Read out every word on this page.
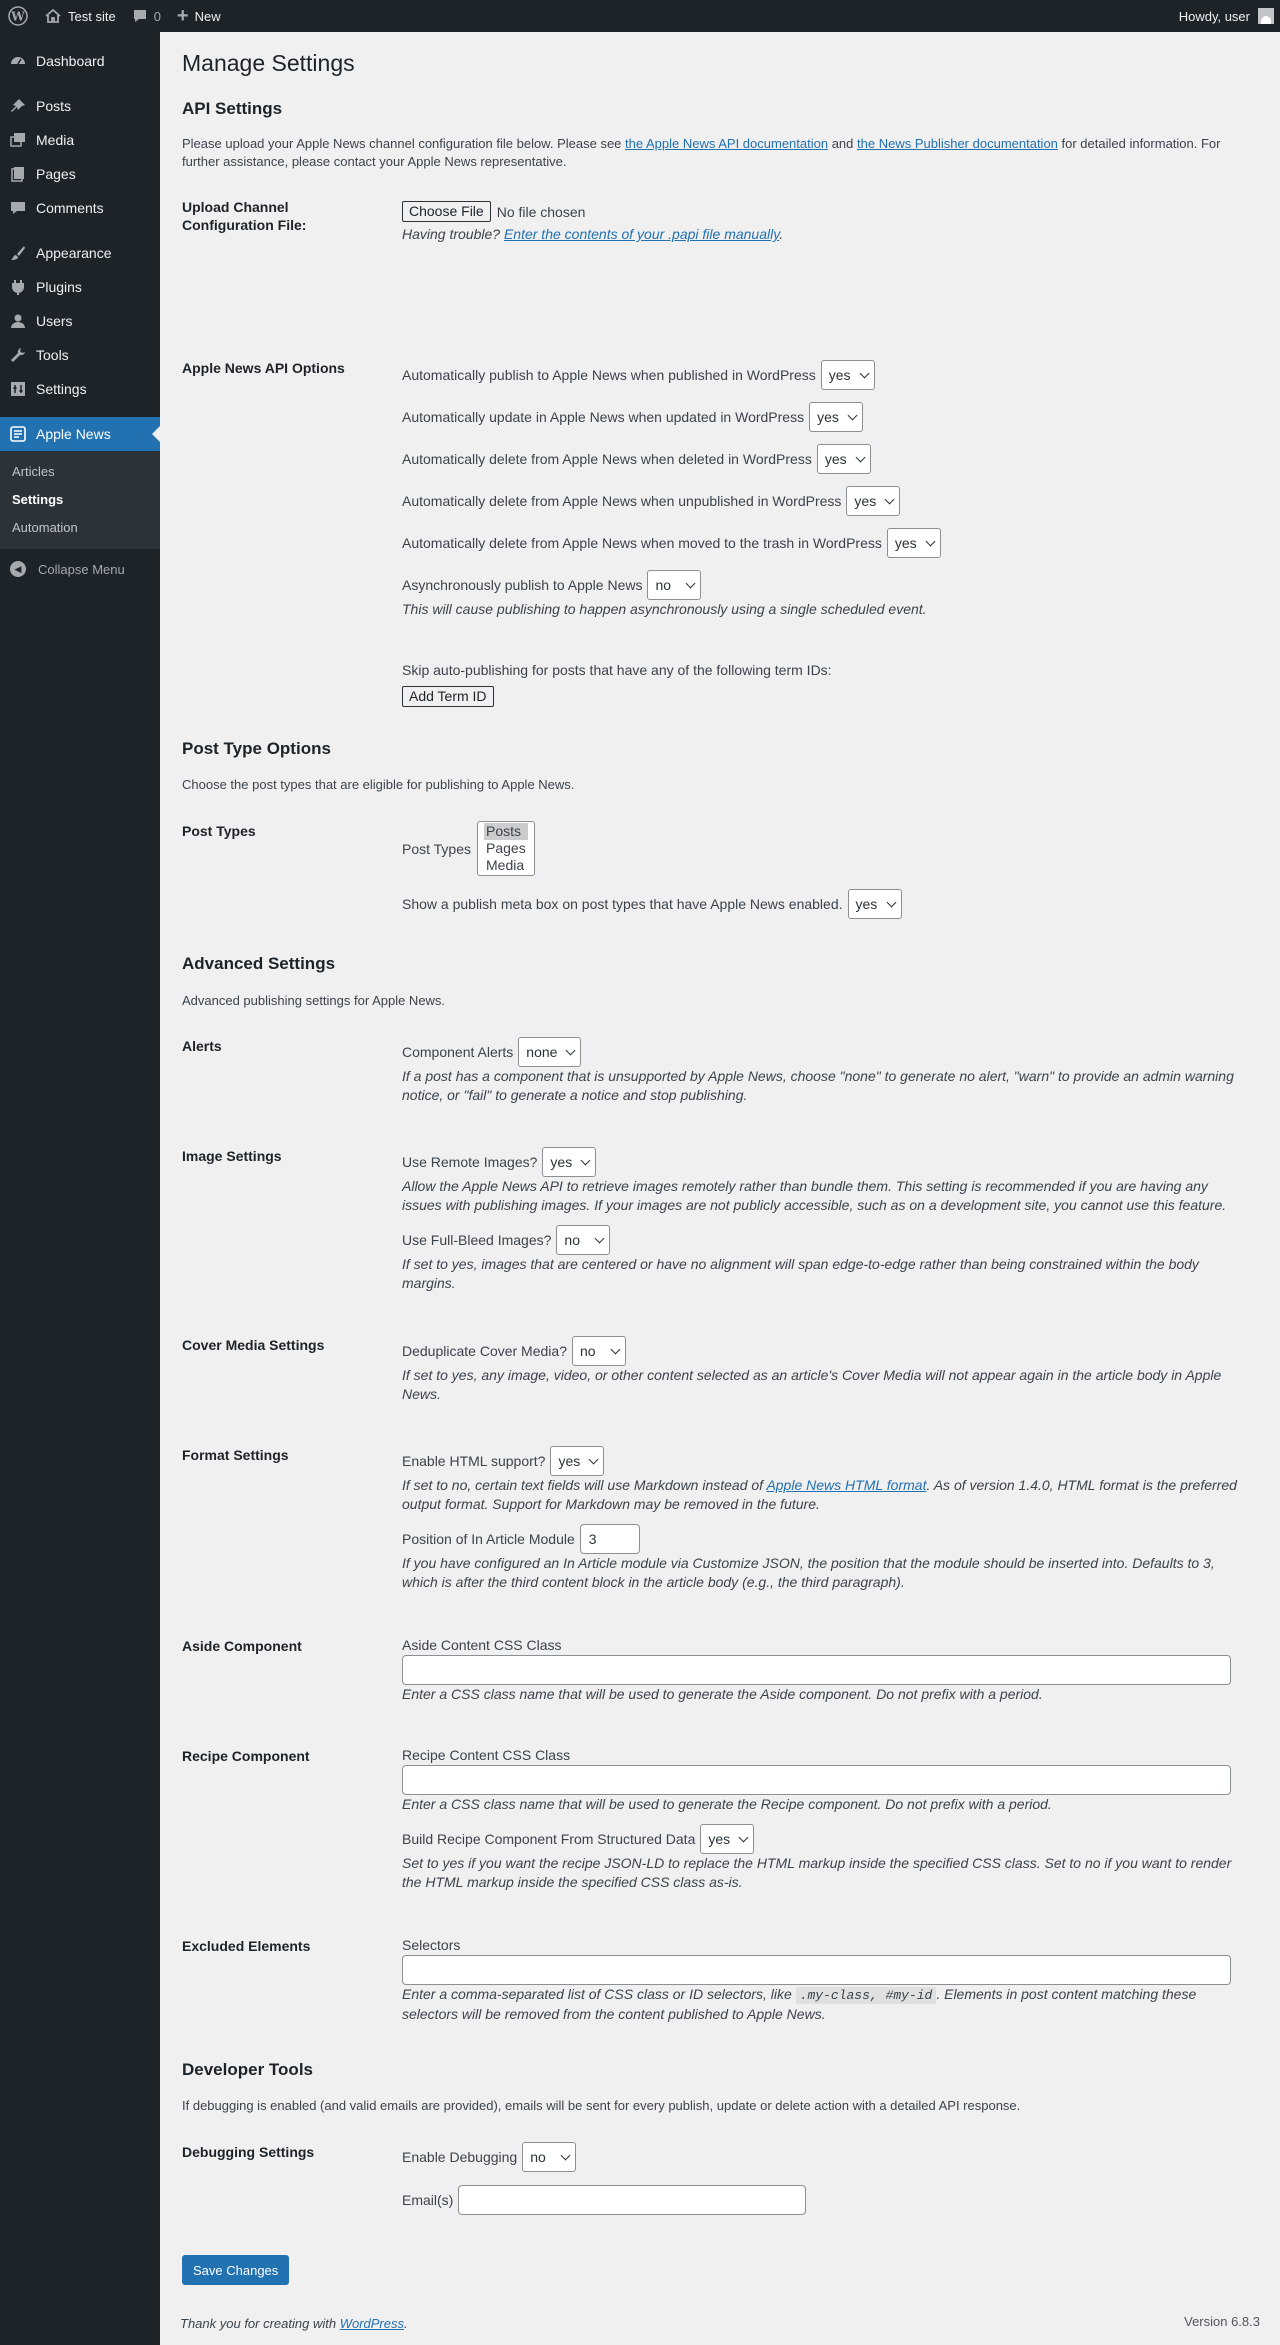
W	Test site	0 + New	Howdy, user
Dashboard
Posts
Media
Pages
Comments
Appearance
Plugins
Users
Tools
Settings
Apple News
Articles
Settings
Automation
◀	Collapse Menu
Manage Settings
API Settings

Please upload your Apple News channel configuration file below. Please see the Apple News API documentation and the News Publisher documentation for detailed information. For further assistance, please contact your Apple News representative.

Upload Channel Configuration File:
Choose File No file chosen
Having trouble? Enter the contents of your .papi file manually.
Apple News API Options	Automatically publish to Apple News when published in WordPress yes
Automatically update in Apple News when updated in WordPress yes
Automatically delete from Apple News when deleted in WordPress yes
Automatically delete from Apple News when unpublished in WordPress yes
Automatically delete from Apple News when moved to the trash in WordPress yes
Asynchronously publish to Apple News no
This will cause publishing to happen asynchronously using a single scheduled event.
Skip auto-publishing for posts that have any of the following term IDs:
Add Term ID
Post Type Options

Choose the post types that are eligible for publishing to Apple News.

Post Types
Post Types
Posts
Pages
Media
Show a publish meta box on post types that have Apple News enabled. yes
Advanced Settings

Advanced publishing settings for Apple News.

Alerts	Component Alerts none
If a post has a component that is unsupported by Apple News, choose "none" to generate no alert, "warn" to provide an admin warning notice, or "fail" to generate a notice and stop publishing.
Image Settings	Use Remote Images? yes
Allow the Apple News API to retrieve images remotely rather than bundle them. This setting is recommended if you are having any issues with publishing images. If your images are not publicly accessible, such as on a development site, you cannot use this feature.
Use Full-Bleed Images? no
If set to yes, images that are centered or have no alignment will span edge-to-edge rather than being constrained within the body margins.
Cover Media Settings	Deduplicate Cover Media? no
If set to yes, any image, video, or other content selected as an article's Cover Media will not appear again in the article body in Apple News.
Format Settings	Enable HTML support? yes
If set to no, certain text fields will use Markdown instead of Apple News HTML format. As of version 1.4.0, HTML format is the preferred output format. Support for Markdown may be removed in the future.
Position of In Article Module
3
If you have configured an In Article module via Customize JSON, the position that the module should be inserted into. Defaults to 3, which is after the third content block in the article body (e.g., the third paragraph).
Aside Component	Aside Content CSS Class
Enter a CSS class name that will be used to generate the Aside component. Do not prefix with a period.
Recipe Component	Recipe Content CSS Class
Enter a CSS class name that will be used to generate the Recipe component. Do not prefix with a period.
Build Recipe Component From Structured Data yes
Set to yes if you want the recipe JSON-LD to replace the HTML markup inside the specified CSS class. Set to no if you want to render the HTML markup inside the specified CSS class as-is.
Excluded Elements	Selectors
Enter a comma-separated list of CSS class or ID selectors, like .my-class, #my-id . Elements in post content matching these selectors will be removed from the content published to Apple News.
Developer Tools

If debugging is enabled (and valid emails are provided), emails will be sent for every publish, update or delete action with a detailed API response.

Debugging Settings	Enable Debugging no
Email(s)
Save Changes
Thank you for creating with WordPress.	Version 6.8.3
